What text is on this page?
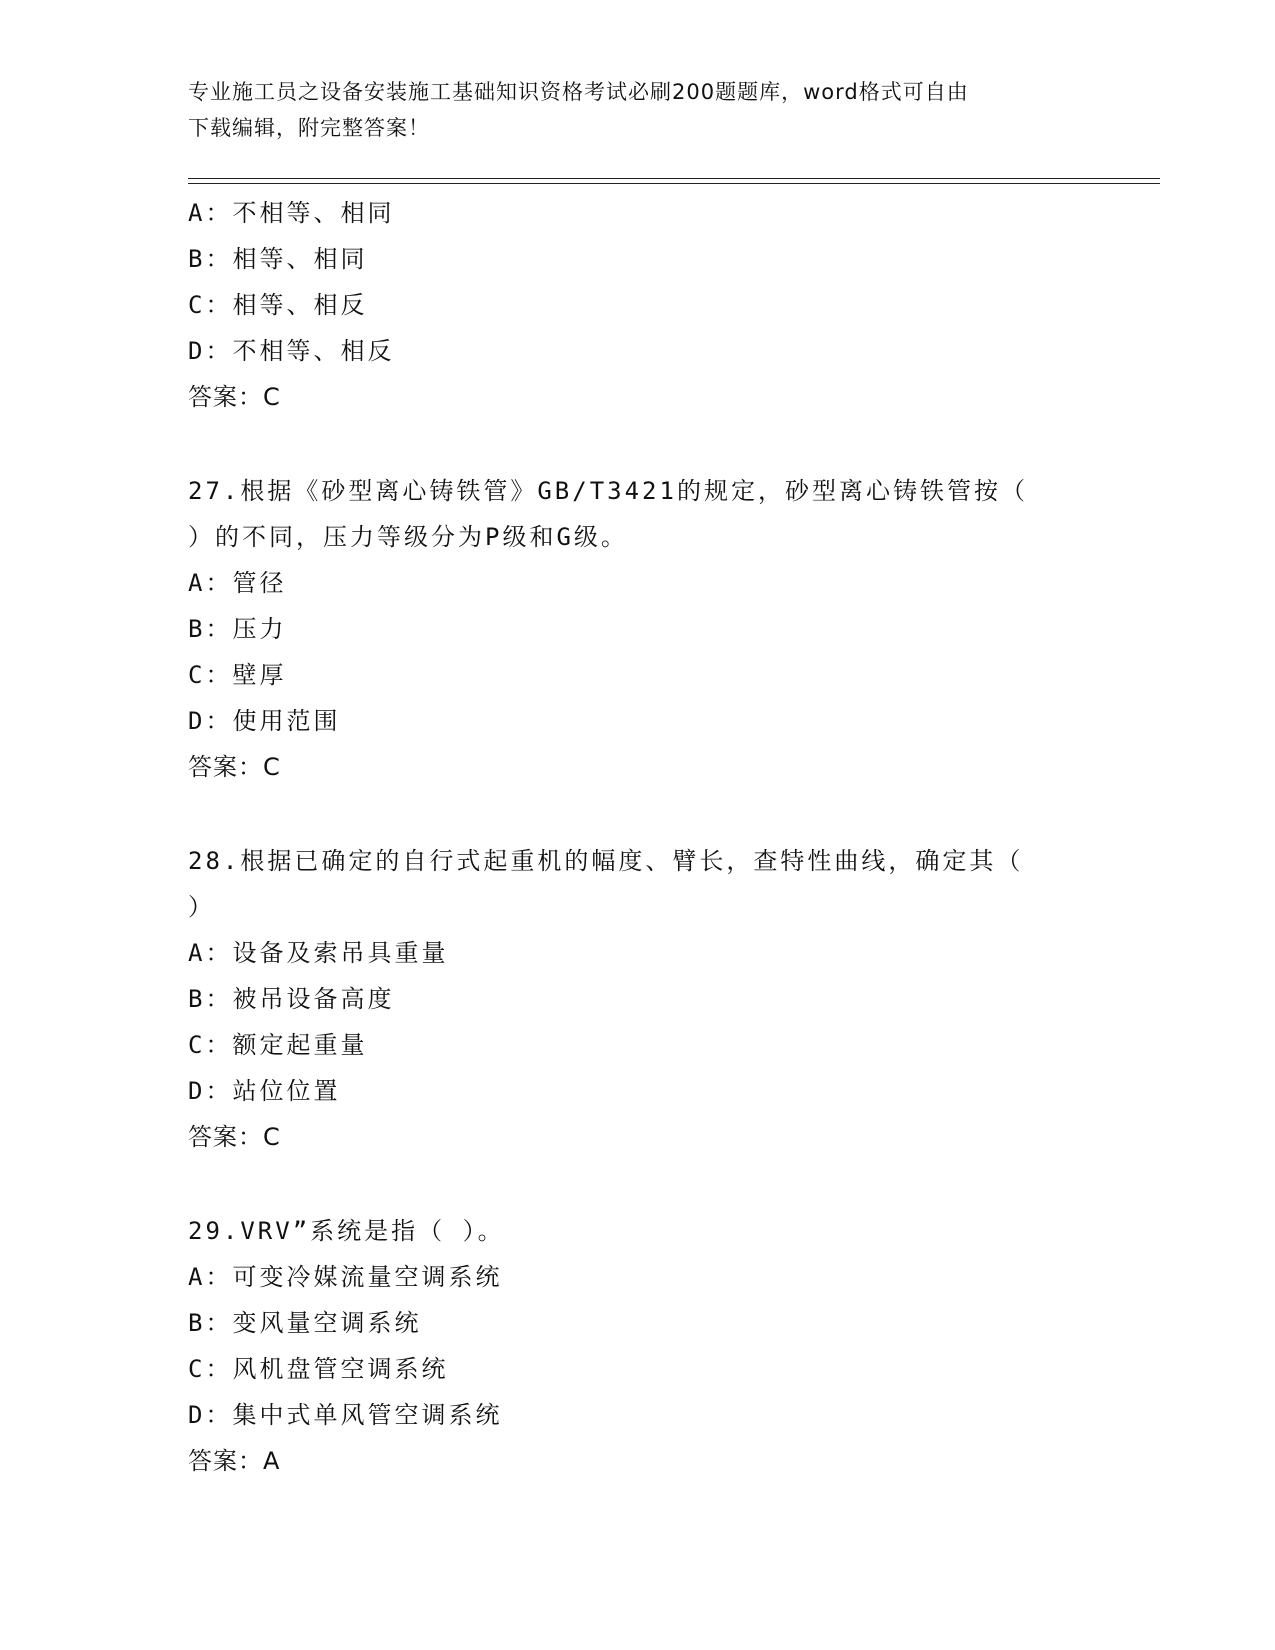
专业施工员之设备安装施工基础知识资格考试必刷200题题库，word格式可自由
下载编辑，附完整答案！
A：不相等、相同
B：相等、相同
C：相等、相反
D：不相等、相反
答案：C
27.根据《砂型离心铸铁管》GB/T3421的规定，砂型离心铸铁管按（
）的不同，压力等级分为P级和G级。
A：管径
B：压力
C：壁厚
D：使用范围
答案：C
28.根据已确定的自行式起重机的幅度、臂长，查特性曲线，确定其（
）
A：设备及索吊具重量
B：被吊设备高度
C：额定起重量
D：站位位置
答案：C
29.VRV”系统是指（ ）。
A：可变冷媒流量空调系统
B：变风量空调系统
C：风机盘管空调系统
D：集中式单风管空调系统
答案：A
